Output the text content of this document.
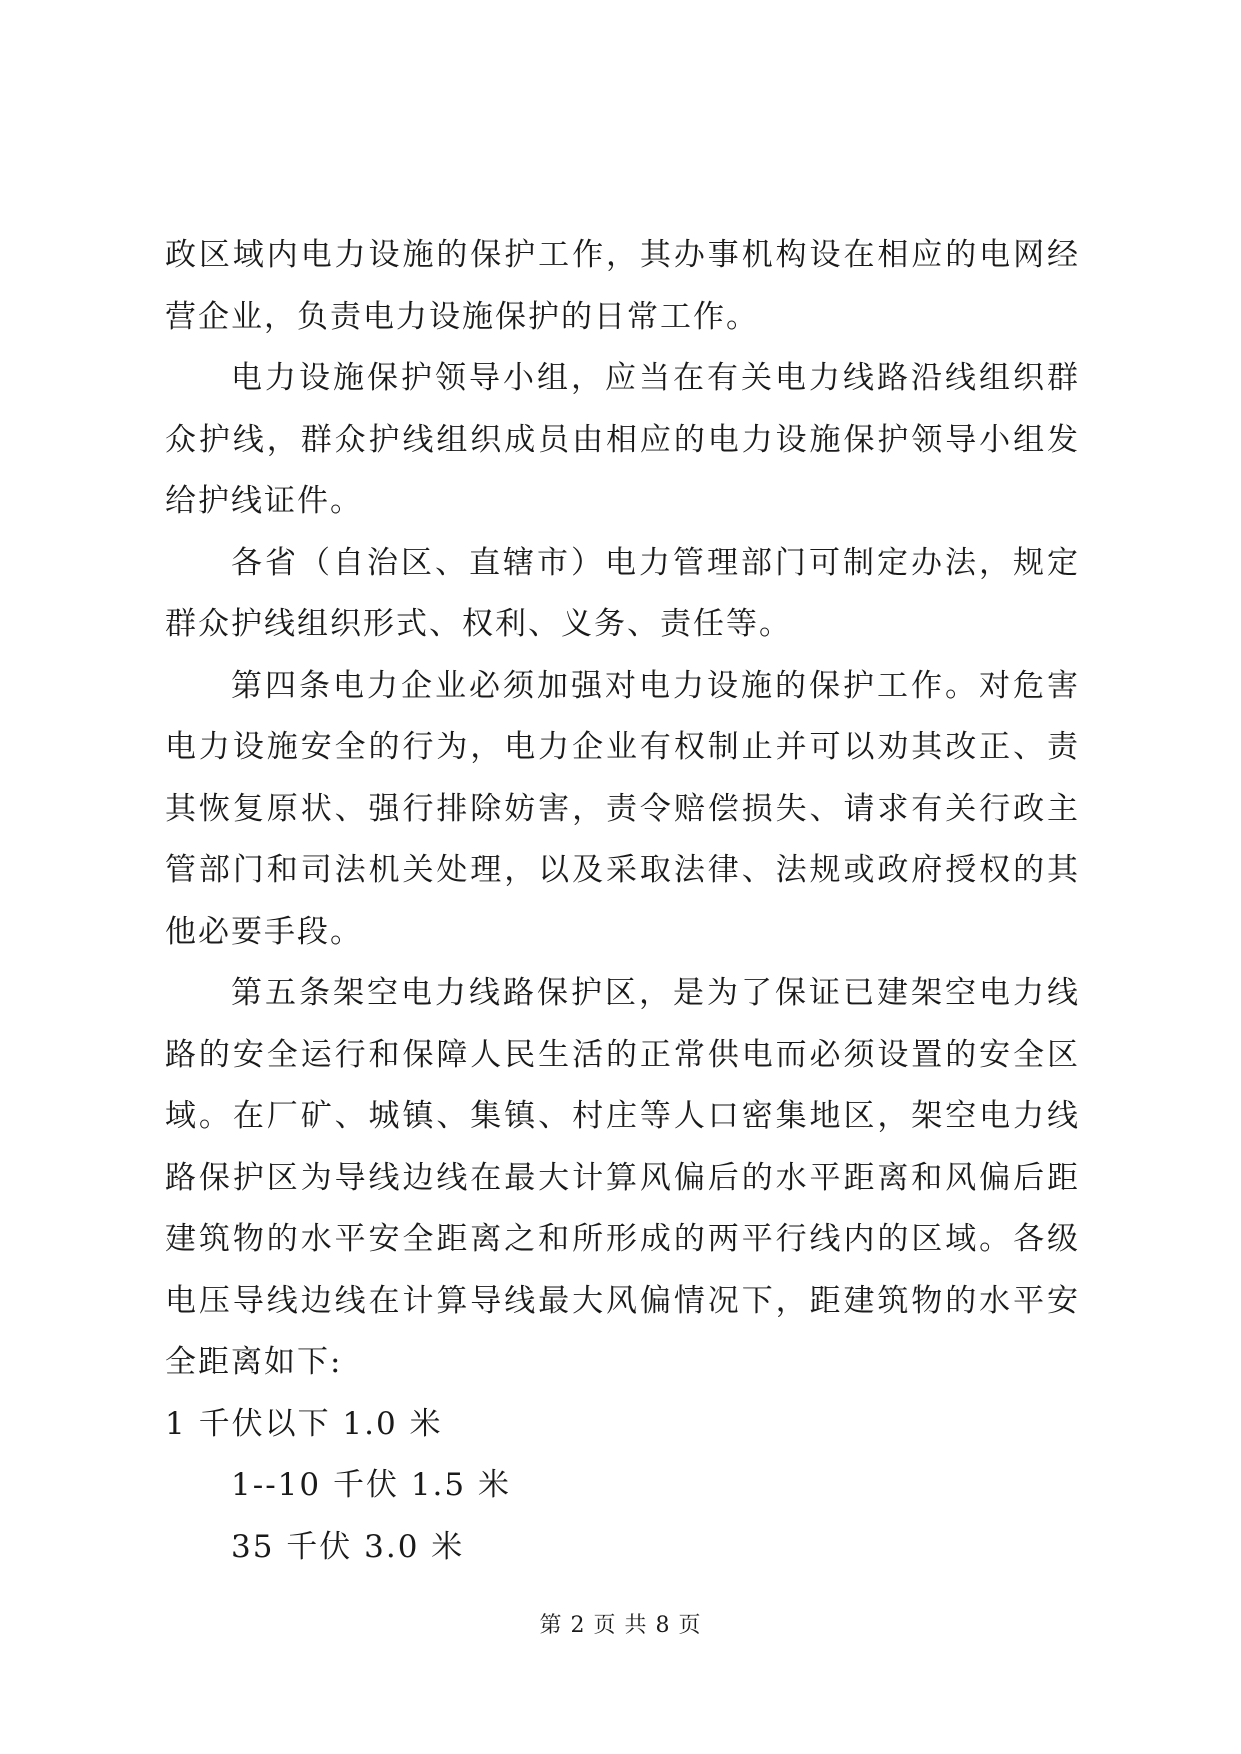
政区域内电力设施的保护工作，其办事机构设在相应的电网经营企业，负责电力设施保护的日常工作。

电力设施保护领导小组，应当在有关电力线路沿线组织群众护线，群众护线组织成员由相应的电力设施保护领导小组发给护线证件。

各省（自治区、直辖市）电力管理部门可制定办法，规定群众护线组织形式、权利、义务、责任等。

第四条电力企业必须加强对电力设施的保护工作。对危害电力设施安全的行为，电力企业有权制止并可以劝其改正、责其恢复原状、强行排除妨害，责令赔偿损失、请求有关行政主管部门和司法机关处理，以及采取法律、法规或政府授权的其他必要手段。

第五条架空电力线路保护区，是为了保证已建架空电力线路的安全运行和保障人民生活的正常供电而必须设置的安全区域。在厂矿、城镇、集镇、村庄等人口密集地区，架空电力线路保护区为导线边线在最大计算风偏后的水平距离和风偏后距建筑物的水平安全距离之和所形成的两平行线内的区域。各级电压导线边线在计算导线最大风偏情况下，距建筑物的水平安全距离如下:

1 千伏以下 1.0 米

1--10 千伏 1.5 米

35 千伏 3.0 米

第 2 页 共 8 页
